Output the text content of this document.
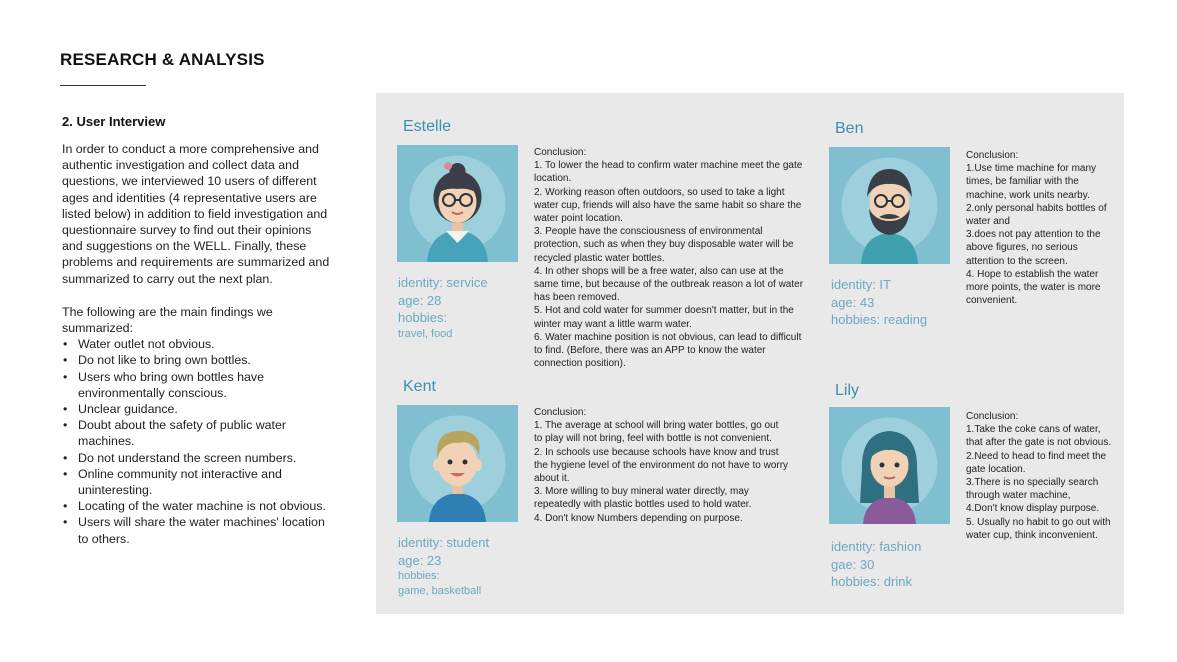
RESEARCH & ANALYSIS
2. User Interview

In order to conduct a more comprehensive and authentic investigation and collect data and questions, we interviewed 10 users of different ages and identities (4 representative users are listed below) in addition to field investigation and questionnaire survey to find out their opinions and suggestions on the WELL. Finally, these problems and requirements are summarized and summarized to carry out the next plan.

The following are the main findings we summarized:

• Water outlet not obvious.
• Do not like to bring own bottles.
• Users who bring own bottles have environmentally conscious.
• Unclear guidance.
• Doubt about the safety of public water machines.
• Do not understand the screen numbers.
• Online community not interactive and uninteresting.
• Locating of the water machine is not obvious.
• Users will share the water machines' location to others.
Estelle
identity: service
age: 28
hobbies:
travel, food
Conclusion:
1. To lower the head to confirm water machine meet the gate location.
2. Working reason often outdoors, so used to take a light water cup, friends will also have the same habit so share the water point location.
3. People have the consciousness of environmental protection, such as when they buy disposable water will be recycled plastic water bottles.
4. In other shops will be a free water, also can use at the same time, but because of the outbreak reason a lot of water has been removed.
5. Hot and cold water for summer doesn't matter, but in the winter may want a little warm water.
6. Water machine position is not obvious, can lead to difficult to find. (Before, there was an APP to know the water connection position).
Ben
identity: IT
age: 43
hobbies: reading
Conclusion:
1.Use time machine for many times, be familiar with the machine, work units nearby.
2.only personal habits bottles of water and
3.does not pay attention to the above figures, no serious attention to the screen.
4. Hope to establish the water more points, the water is more convenient.
Kent
identity: student
age: 23
hobbies:
game, basketball
Conclusion:
1. The average at school will bring water bottles, go out to play will not bring, feel with bottle is not convenient.
2. In schools use because schools have know and trust the hygiene level of the environment do not have to worry about it.
3. More willing to buy mineral water directly, may repeatedly with plastic bottles used to hold water.
4. Don't know Numbers depending on purpose.
Lily
identity: fashion
gae: 30
hobbies: drink
Conclusion:
1.Take the coke cans of water, that after the gate is not obvious.
2.Need to head to find meet the gate location.
3.There is no specially search through water machine,
4.Don't know display purpose.
5. Usually no habit to go out with water cup, think inconvenient.
